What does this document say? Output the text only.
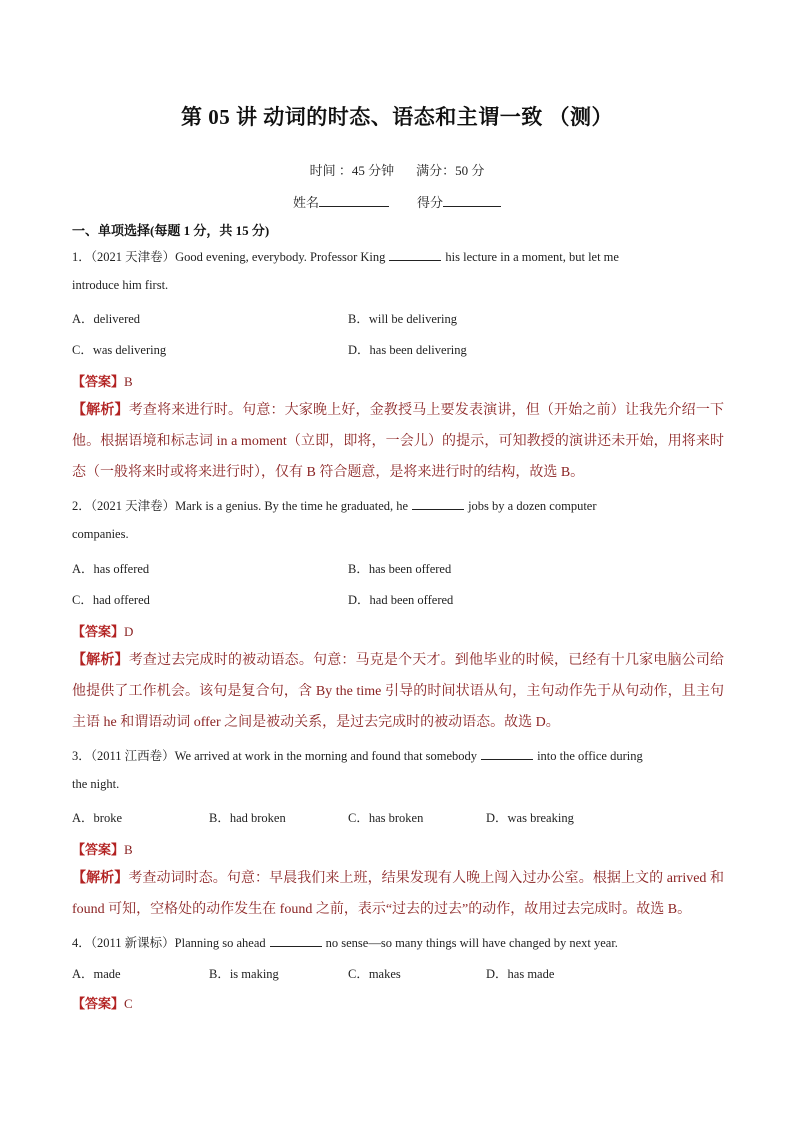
第 05 讲 动词的时态、语态和主谓一致 （测）
时间 ：45 分钟 满分：50 分
姓名	得分
一、单项选择(每题 1 分，共 15 分)
1．（2021 天津卷）Good evening, everybody. Professor King	his lecture in a moment, but let me
introduce him first.
A．delivered	B．will be delivering
C．was delivering	D．has been delivering
【答案】B
【解析】考查将来进行时。句意：大家晚上好，金教授马上要发表演讲，但（开始之前）让我先介绍一下他。根据语境和标志词 in a moment（立即，即将，一会儿）的提示，可知教授的演讲还未开始，用将来时态（一般将来时或将来进行时），仅有 B 符合题意，是将来进行时的结构，故选 B。
2．（2021 天津卷）Mark is a genius. By the time he graduated, he	jobs by a dozen computer
companies.
A．has offered	B．has been offered
C．had offered	D．had been offered
【答案】D
【解析】考查过去完成时的被动语态。句意：马克是个天才。到他毕业的时候，已经有十几家电脑公司给他提供了工作机会。该句是复合句，含 By the time 引导的时间状语从句，主句动作先于从句动作，且主句主语 he 和谓语动词 offer 之间是被动关系，是过去完成时的被动语态。故选 D。
3．（2011 江西卷）We arrived at work in the morning and found that somebody	into the office during
the night.
A．broke	B．had broken	C．has broken	D．was breaking
【答案】B
【解析】考查动词时态。句意：早晨我们来上班，结果发现有人晚上闯入过办公室。根据上文的 arrived 和 found 可知，空格处的动作发生在 found 之前，表示“过去的过去”的动作，故用过去完成时。故选 B。
4．（2011 新课标）Planning so ahead	no sense—so many things will have changed by next year.
A．made	B．is making	C．makes	D．has made
【答案】C
